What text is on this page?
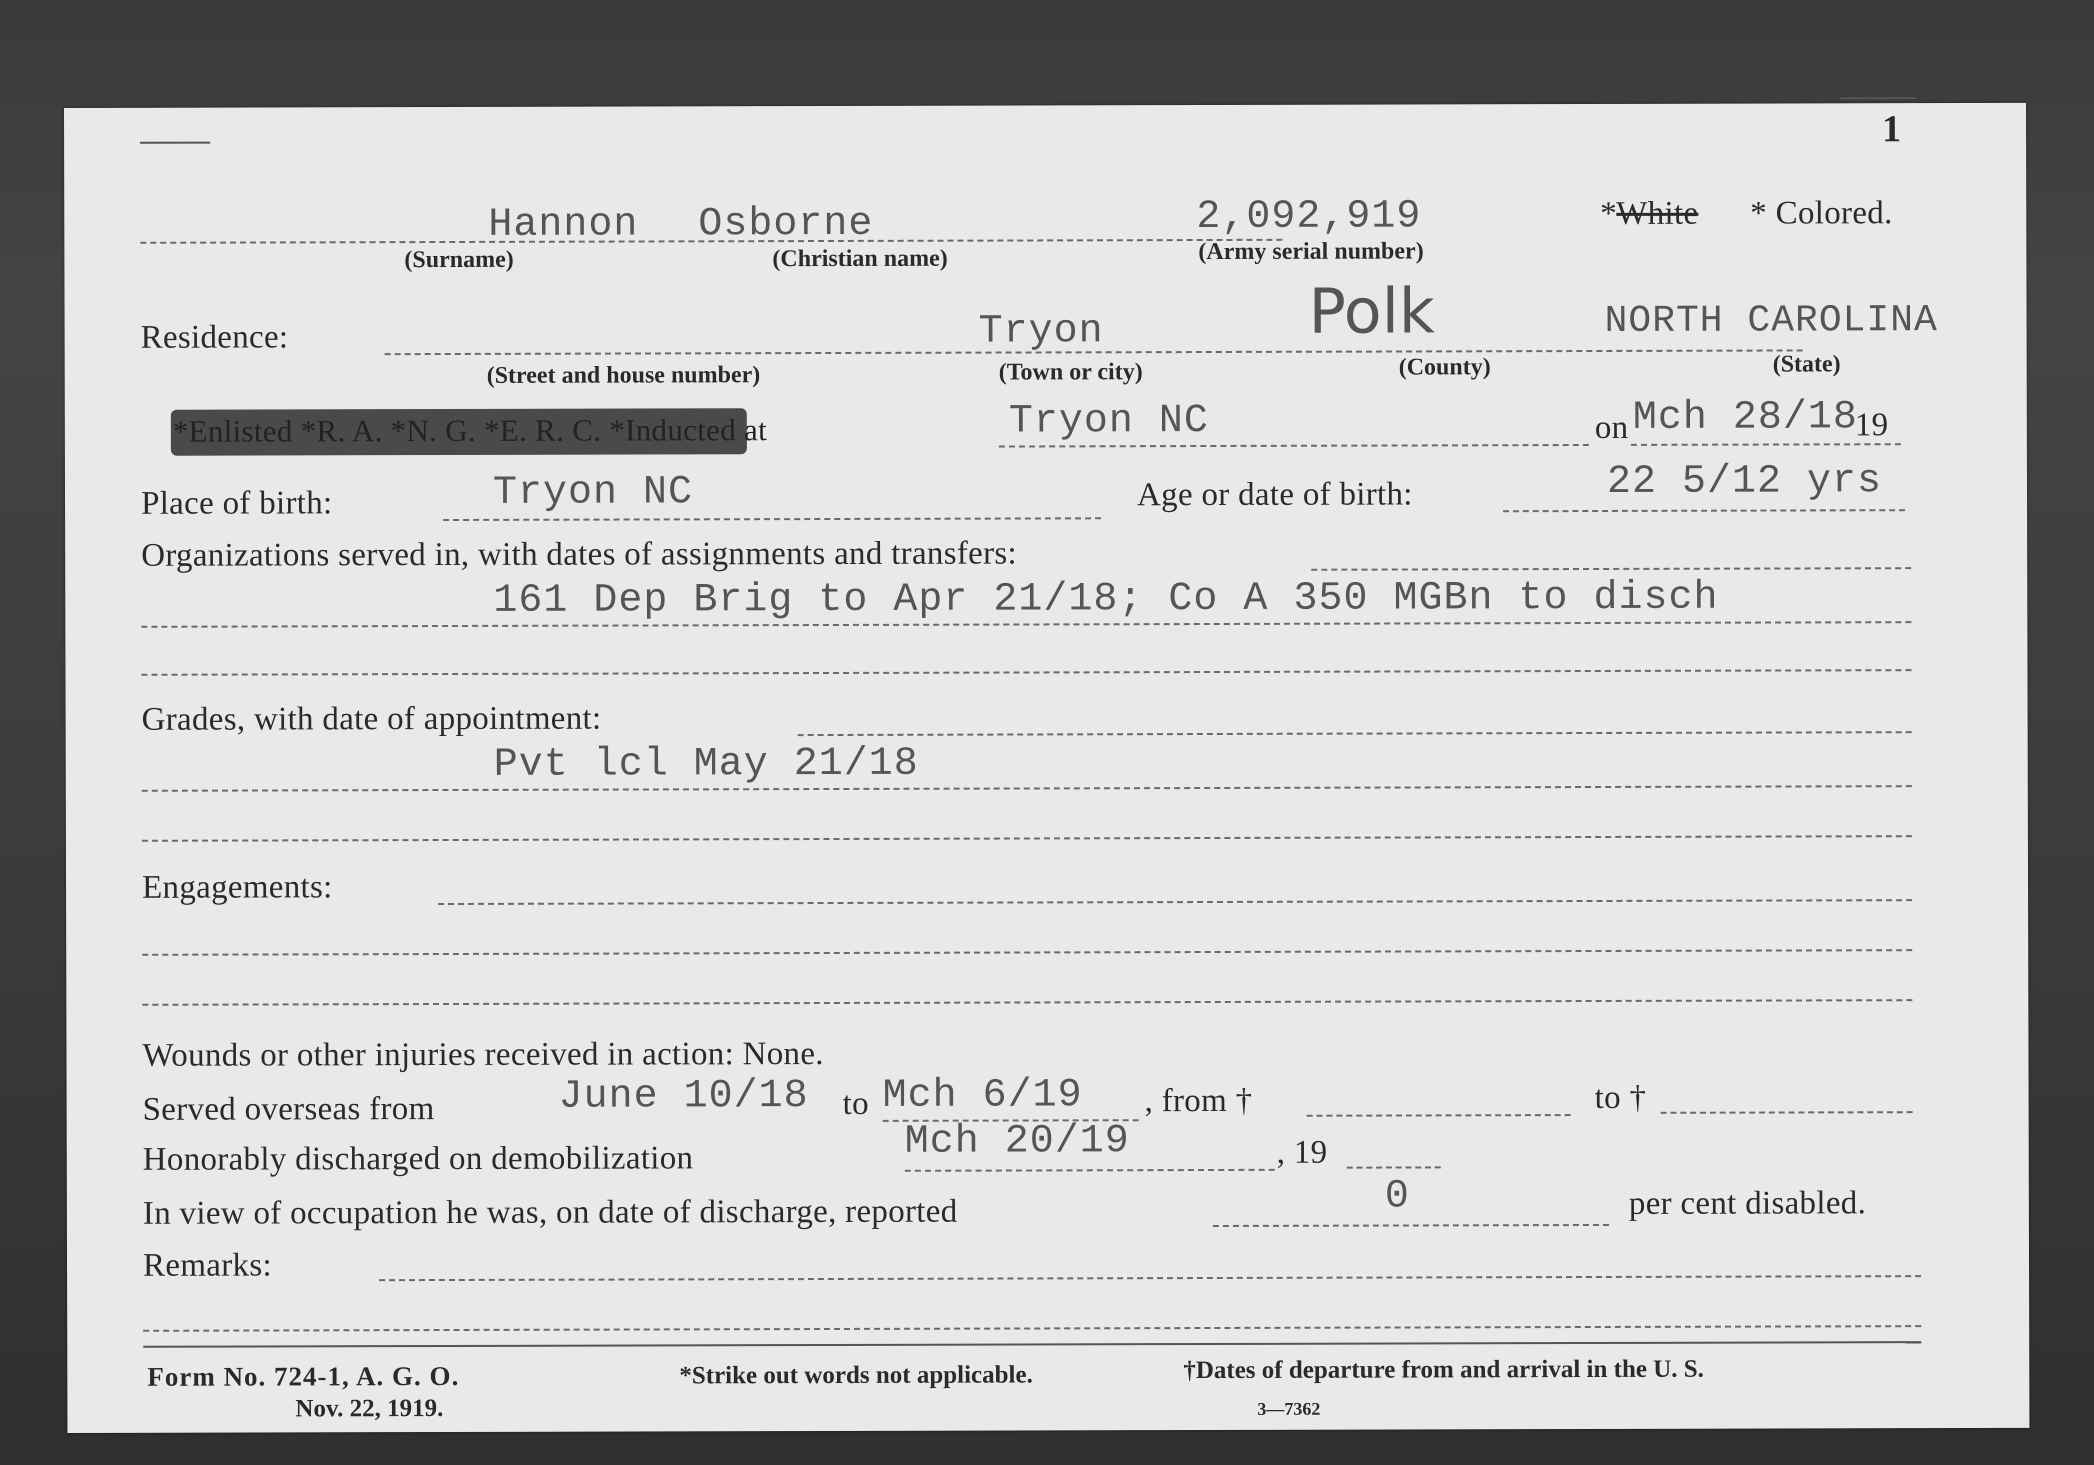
1
Hannon Osborne	2,092,919
(Surname)	(Christian name)	(Army serial number)
* White * Colored.
Residence:	Tryon	Polk	NORTH CAROLINA
(Street and house number)	(Town or city)	(County)	(State)
*Enlisted *R. A. *N. G. *E. R. C. *Inducted at	Tryon NC	on Mch 28/18
19
Place of birth:	Tryon NC	Age or date of birth:	22 5/12 yrs
Organizations served in, with dates of assignments and transfers:
161 Dep Brig to Apr 21/18; Co A 350 MGBn to disch
Grades, with date of appointment:
Pvt lcl May 21/18
Engagements:
Wounds or other injuries received in action: None.
Served overseas from	June 10/18 to Mch 6/19 , from †	to †
Honorably discharged on demobilization	Mch 20/19	, 19
In view of occupation he was, on date of discharge, reported	0	per cent disabled.
Remarks:
Form No. 724-1, A. G. O.
Nov. 22, 1919.
*Strike out words not applicable.	†Dates of departure from and arrival in the U. S.
3—7362
